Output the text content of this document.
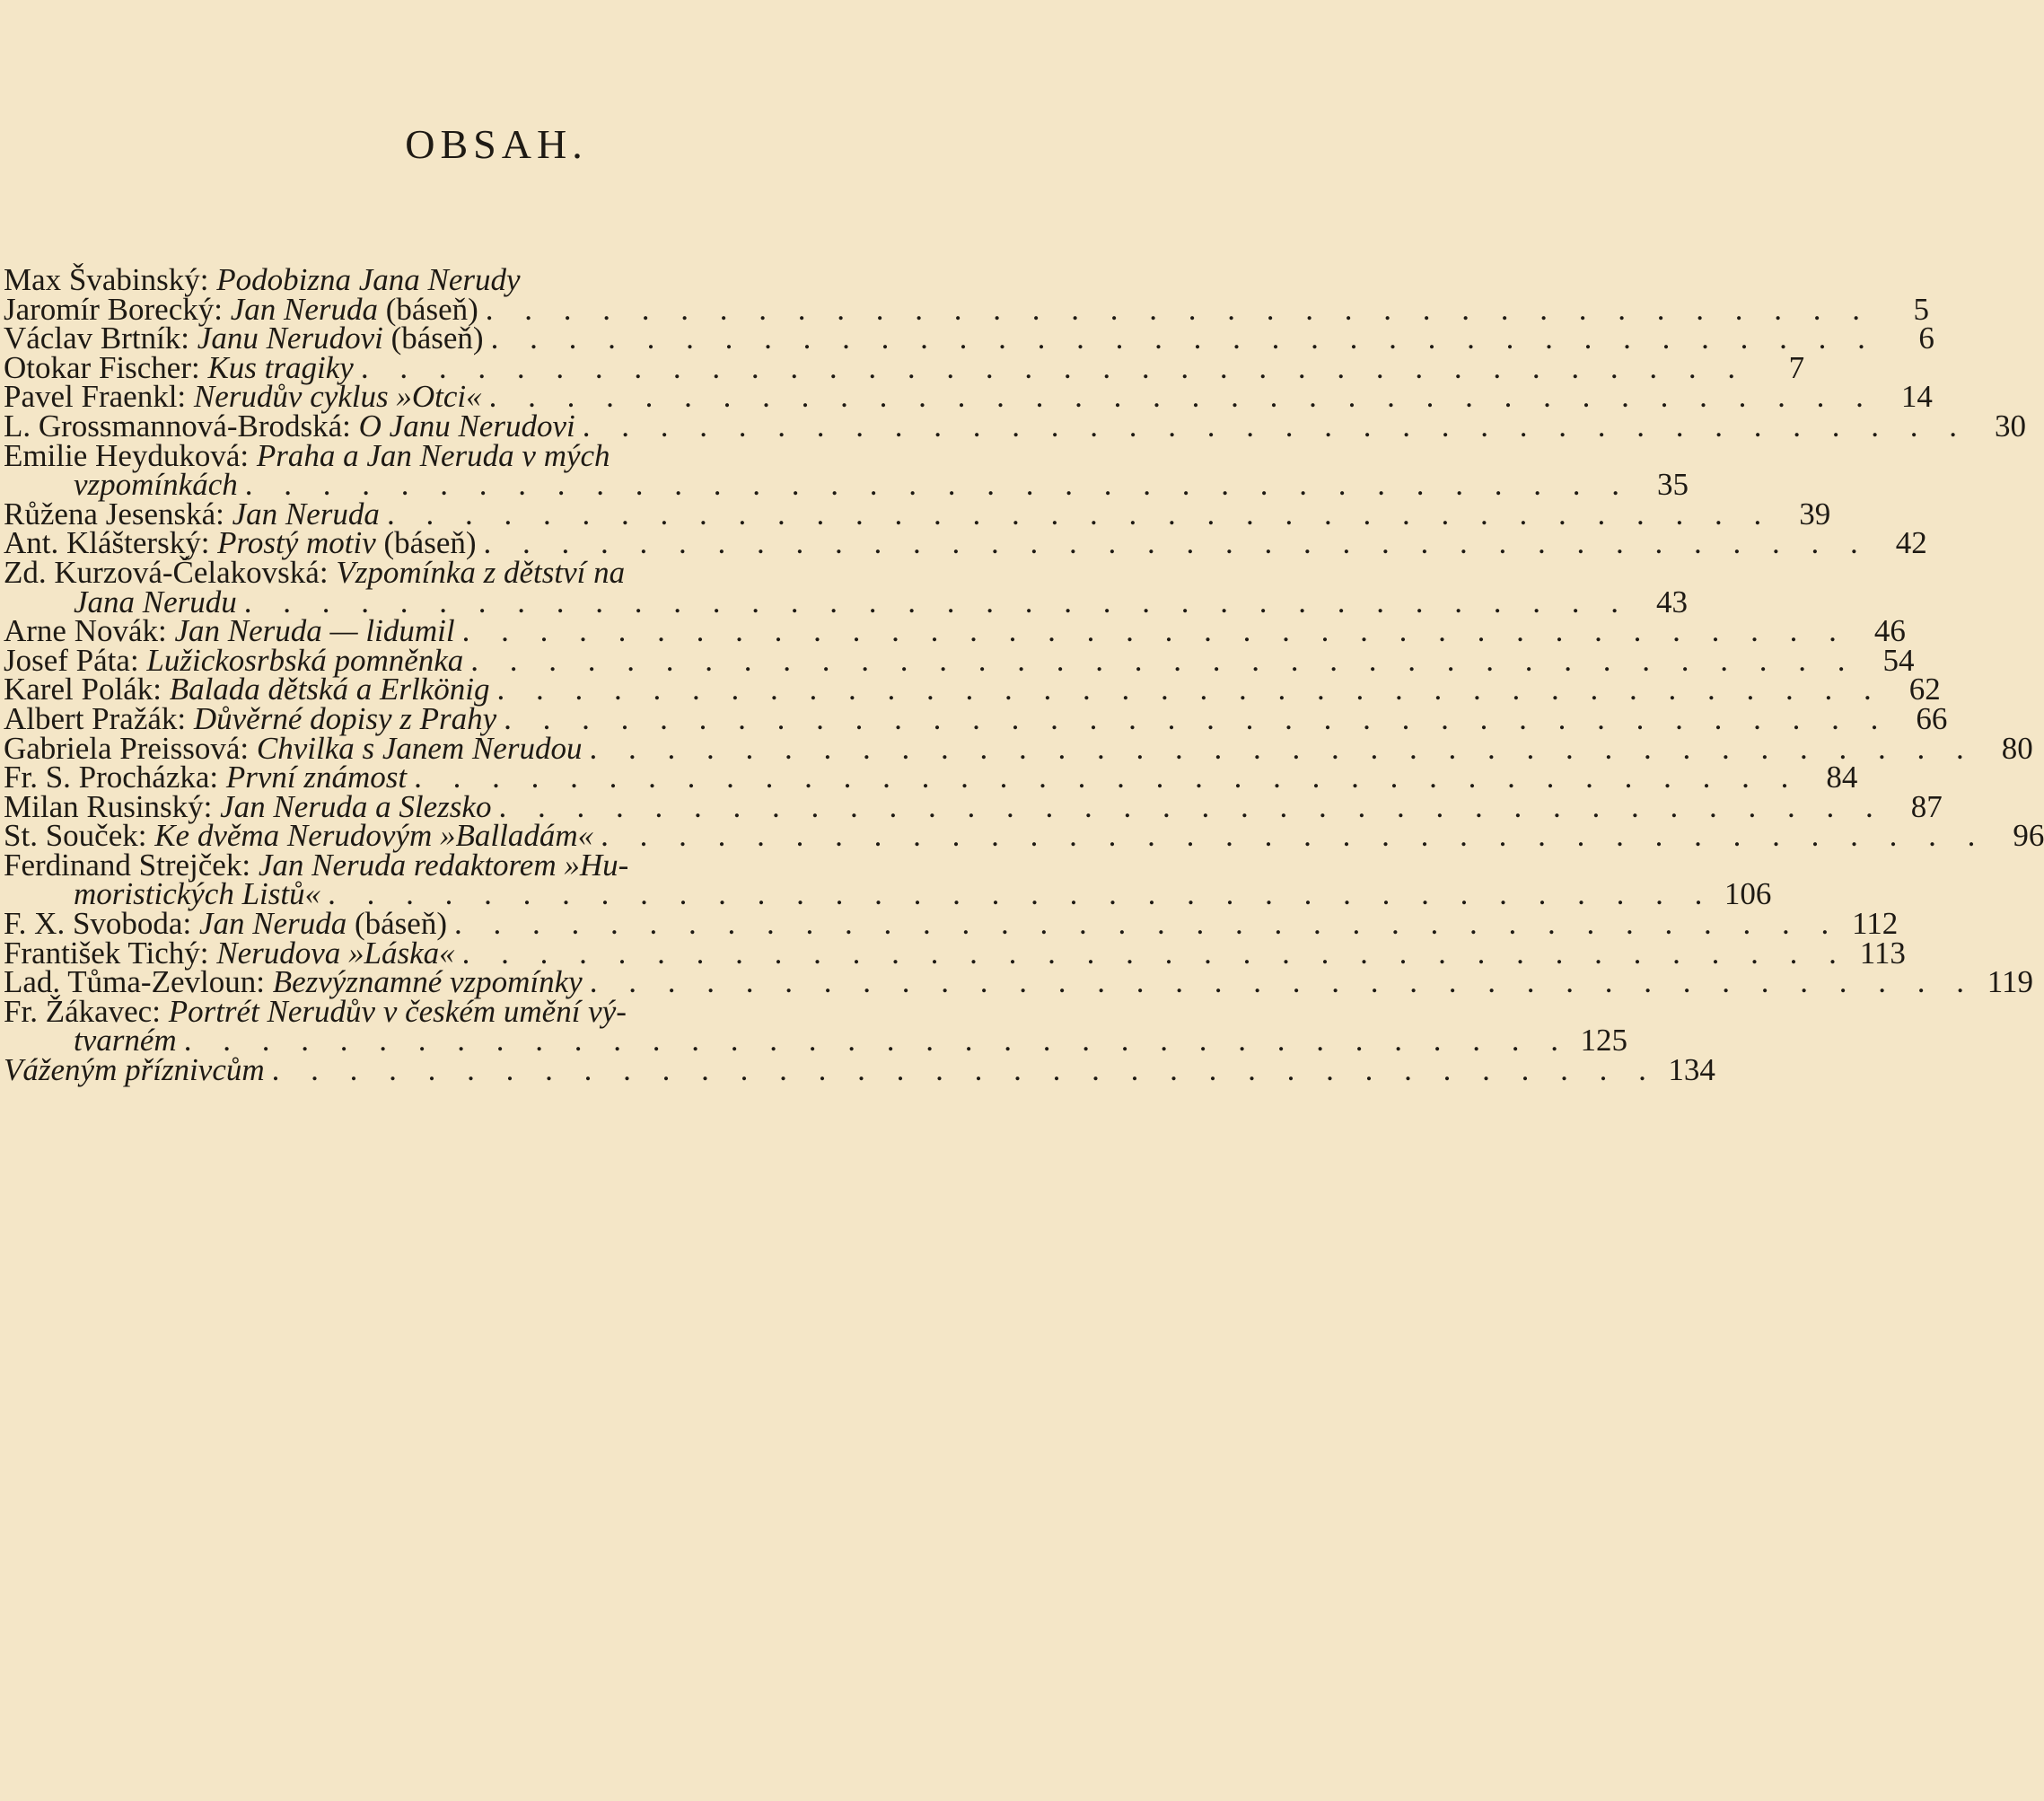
OBSAH.
Max Švabinský: Podobizna Jana Nerudy
Jaromír Borecký: Jan Neruda (báseň) . . . . . . . . . . . . . . . . . . . . . . . . . . . . . . . . . . . .	5
Václav Brtník: Janu Nerudovi (báseň) . . . . . . . . . . . . . . . . . . . . . . . . . . . . . . . . . . . .	6
Otokar Fischer: Kus tragiky . . . . . . . . . . . . . . . . . . . . . . . . . . . . . . . . . . . .	7
Pavel Fraenkl: Nerudův cyklus »Otci« . . . . . . . . . . . . . . . . . . . . . . . . . . . . . . . . . . . . 14
L. Grossmannová-Brodská: O Janu Nerudovi . . . . . . . . . . . . . . . . . . . . . . . . . . . . . . . . . . . . 30
Emilie Heyduková: Praha a Jan Neruda v mých
vzpomínkách . . . . . . . . . . . . . . . . . . . . . . . . . . . . . . . . . . . . 35
Růžena Jesenská: Jan Neruda . . . . . . . . . . . . . . . . . . . . . . . . . . . . . . . . . . . . 39
Ant. Klášterský: Prostý motiv (báseň) . . . . . . . . . . . . . . . . . . . . . . . . . . . . . . . . . . . . 42
Zd. Kurzová-Čelakovská: Vzpomínka z dětství na
Jana Nerudu . . . . . . . . . . . . . . . . . . . . . . . . . . . . . . . . . . . . 43
Arne Novák: Jan Neruda — lidumil . . . . . . . . . . . . . . . . . . . . . . . . . . . . . . . . . . . . 46
Josef Páta: Lužickosrbská pomněnka . . . . . . . . . . . . . . . . . . . . . . . . . . . . . . . . . . . . 54
Karel Polák: Balada dětská a Erlkönig . . . . . . . . . . . . . . . . . . . . . . . . . . . . . . . . . . . . 62
Albert Pražák: Důvěrné dopisy z Prahy . . . . . . . . . . . . . . . . . . . . . . . . . . . . . . . . . . . . 66
Gabriela Preissová: Chvilka s Janem Nerudou . . . . . . . . . . . . . . . . . . . . . . . . . . . . . . . . . . . . 80
Fr. S. Procházka: První známost . . . . . . . . . . . . . . . . . . . . . . . . . . . . . . . . . . . . 84
Milan Rusinský: Jan Neruda a Slezsko . . . . . . . . . . . . . . . . . . . . . . . . . . . . . . . . . . . . 87
St. Souček: Ke dvěma Nerudovým »Balladám« . . . . . . . . . . . . . . . . . . . . . . . . . . . . . . . . . . . . 96
Ferdinand Strejček: Jan Neruda redaktorem »Hu-
moristických Listů« . . . . . . . . . . . . . . . . . . . . . . . . . . . . . . . . . . . . 106
F. X. Svoboda: Jan Neruda (báseň) . . . . . . . . . . . . . . . . . . . . . . . . . . . . . . . . . . . . 112
František Tichý: Nerudova »Láska« . . . . . . . . . . . . . . . . . . . . . . . . . . . . . . . . . . . . 113
Lad. Tůma-Zevloun: Bezvýznamné vzpomínky . . . . . . . . . . . . . . . . . . . . . . . . . . . . . . . . . . . . 119
Fr. Žákavec: Portrét Nerudův v českém umění vý-
tvarném . . . . . . . . . . . . . . . . . . . . . . . . . . . . . . . . . . . . 125
Váženým příznivcům . . . . . . . . . . . . . . . . . . . . . . . . . . . . . . . . . . . . 134
